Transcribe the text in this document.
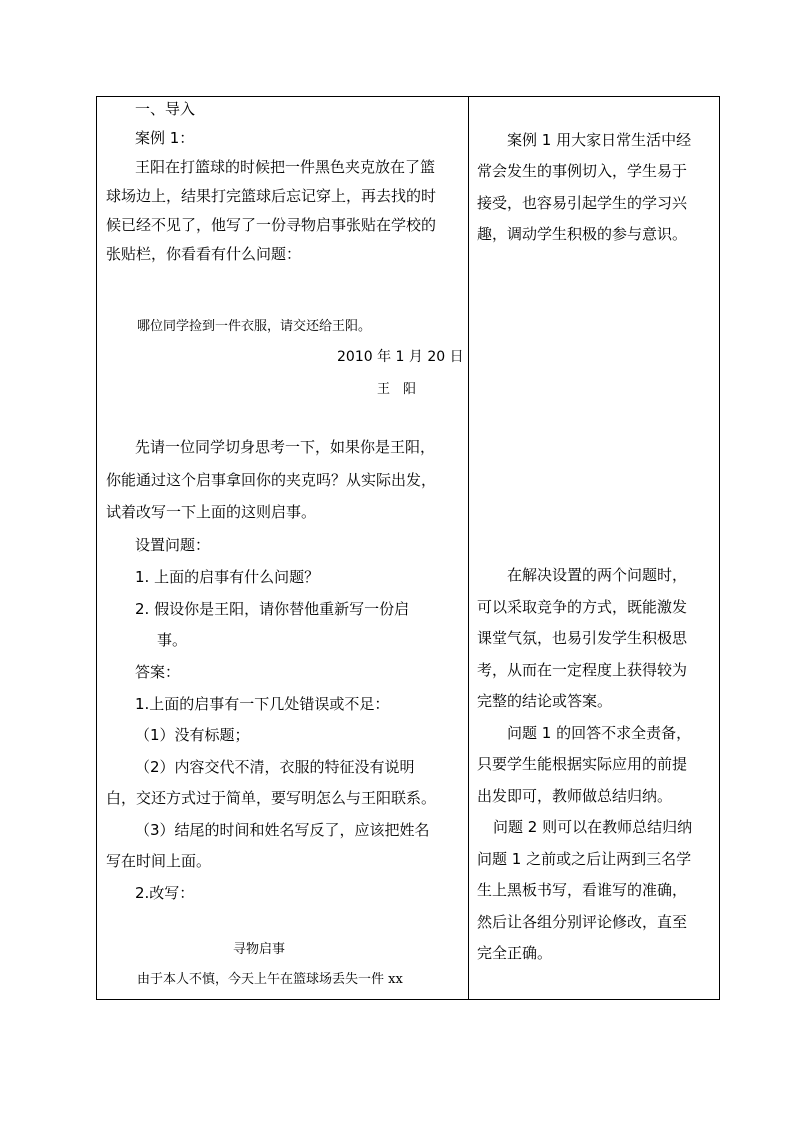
一、导入
案例 1：
王阳在打篮球的时候把一件黑色夹克放在了篮
球场边上，结果打完篮球后忘记穿上，再去找的时
候已经不见了，他写了一份寻物启事张贴在学校的
张贴栏，你看看有什么问题：
哪位同学捡到一件衣服，请交还给王阳。
2010 年 1 月 20 日
王　阳
先请一位同学切身思考一下，如果你是王阳，
你能通过这个启事拿回你的夹克吗？从实际出发，
试着改写一下上面的这则启事。
设置问题：
1. 上面的启事有什么问题？
2. 假设你是王阳，请你替他重新写一份启
事。
答案：
1.上面的启事有一下几处错误或不足：
（1）没有标题；
（2）内容交代不清，衣服的特征没有说明
白，交还方式过于简单，要写明怎么与王阳联系。
（3）结尾的时间和姓名写反了，应该把姓名
写在时间上面。
2.改写：
寻物启事
由于本人不慎，今天上午在篮球场丢失一件 xx
案例 1 用大家日常生活中经
常会发生的事例切入，学生易于
接受，也容易引起学生的学习兴
趣，调动学生积极的参与意识。
在解决设置的两个问题时，
可以采取竞争的方式，既能激发
课堂气氛，也易引发学生积极思
考，从而在一定程度上获得较为
完整的结论或答案。
问题 1 的回答不求全责备，
只要学生能根据实际应用的前提
出发即可，教师做总结归纳。
问题 2 则可以在教师总结归纳
问题 1 之前或之后让两到三名学
生上黑板书写，看谁写的准确，
然后让各组分别评论修改，直至
完全正确。
